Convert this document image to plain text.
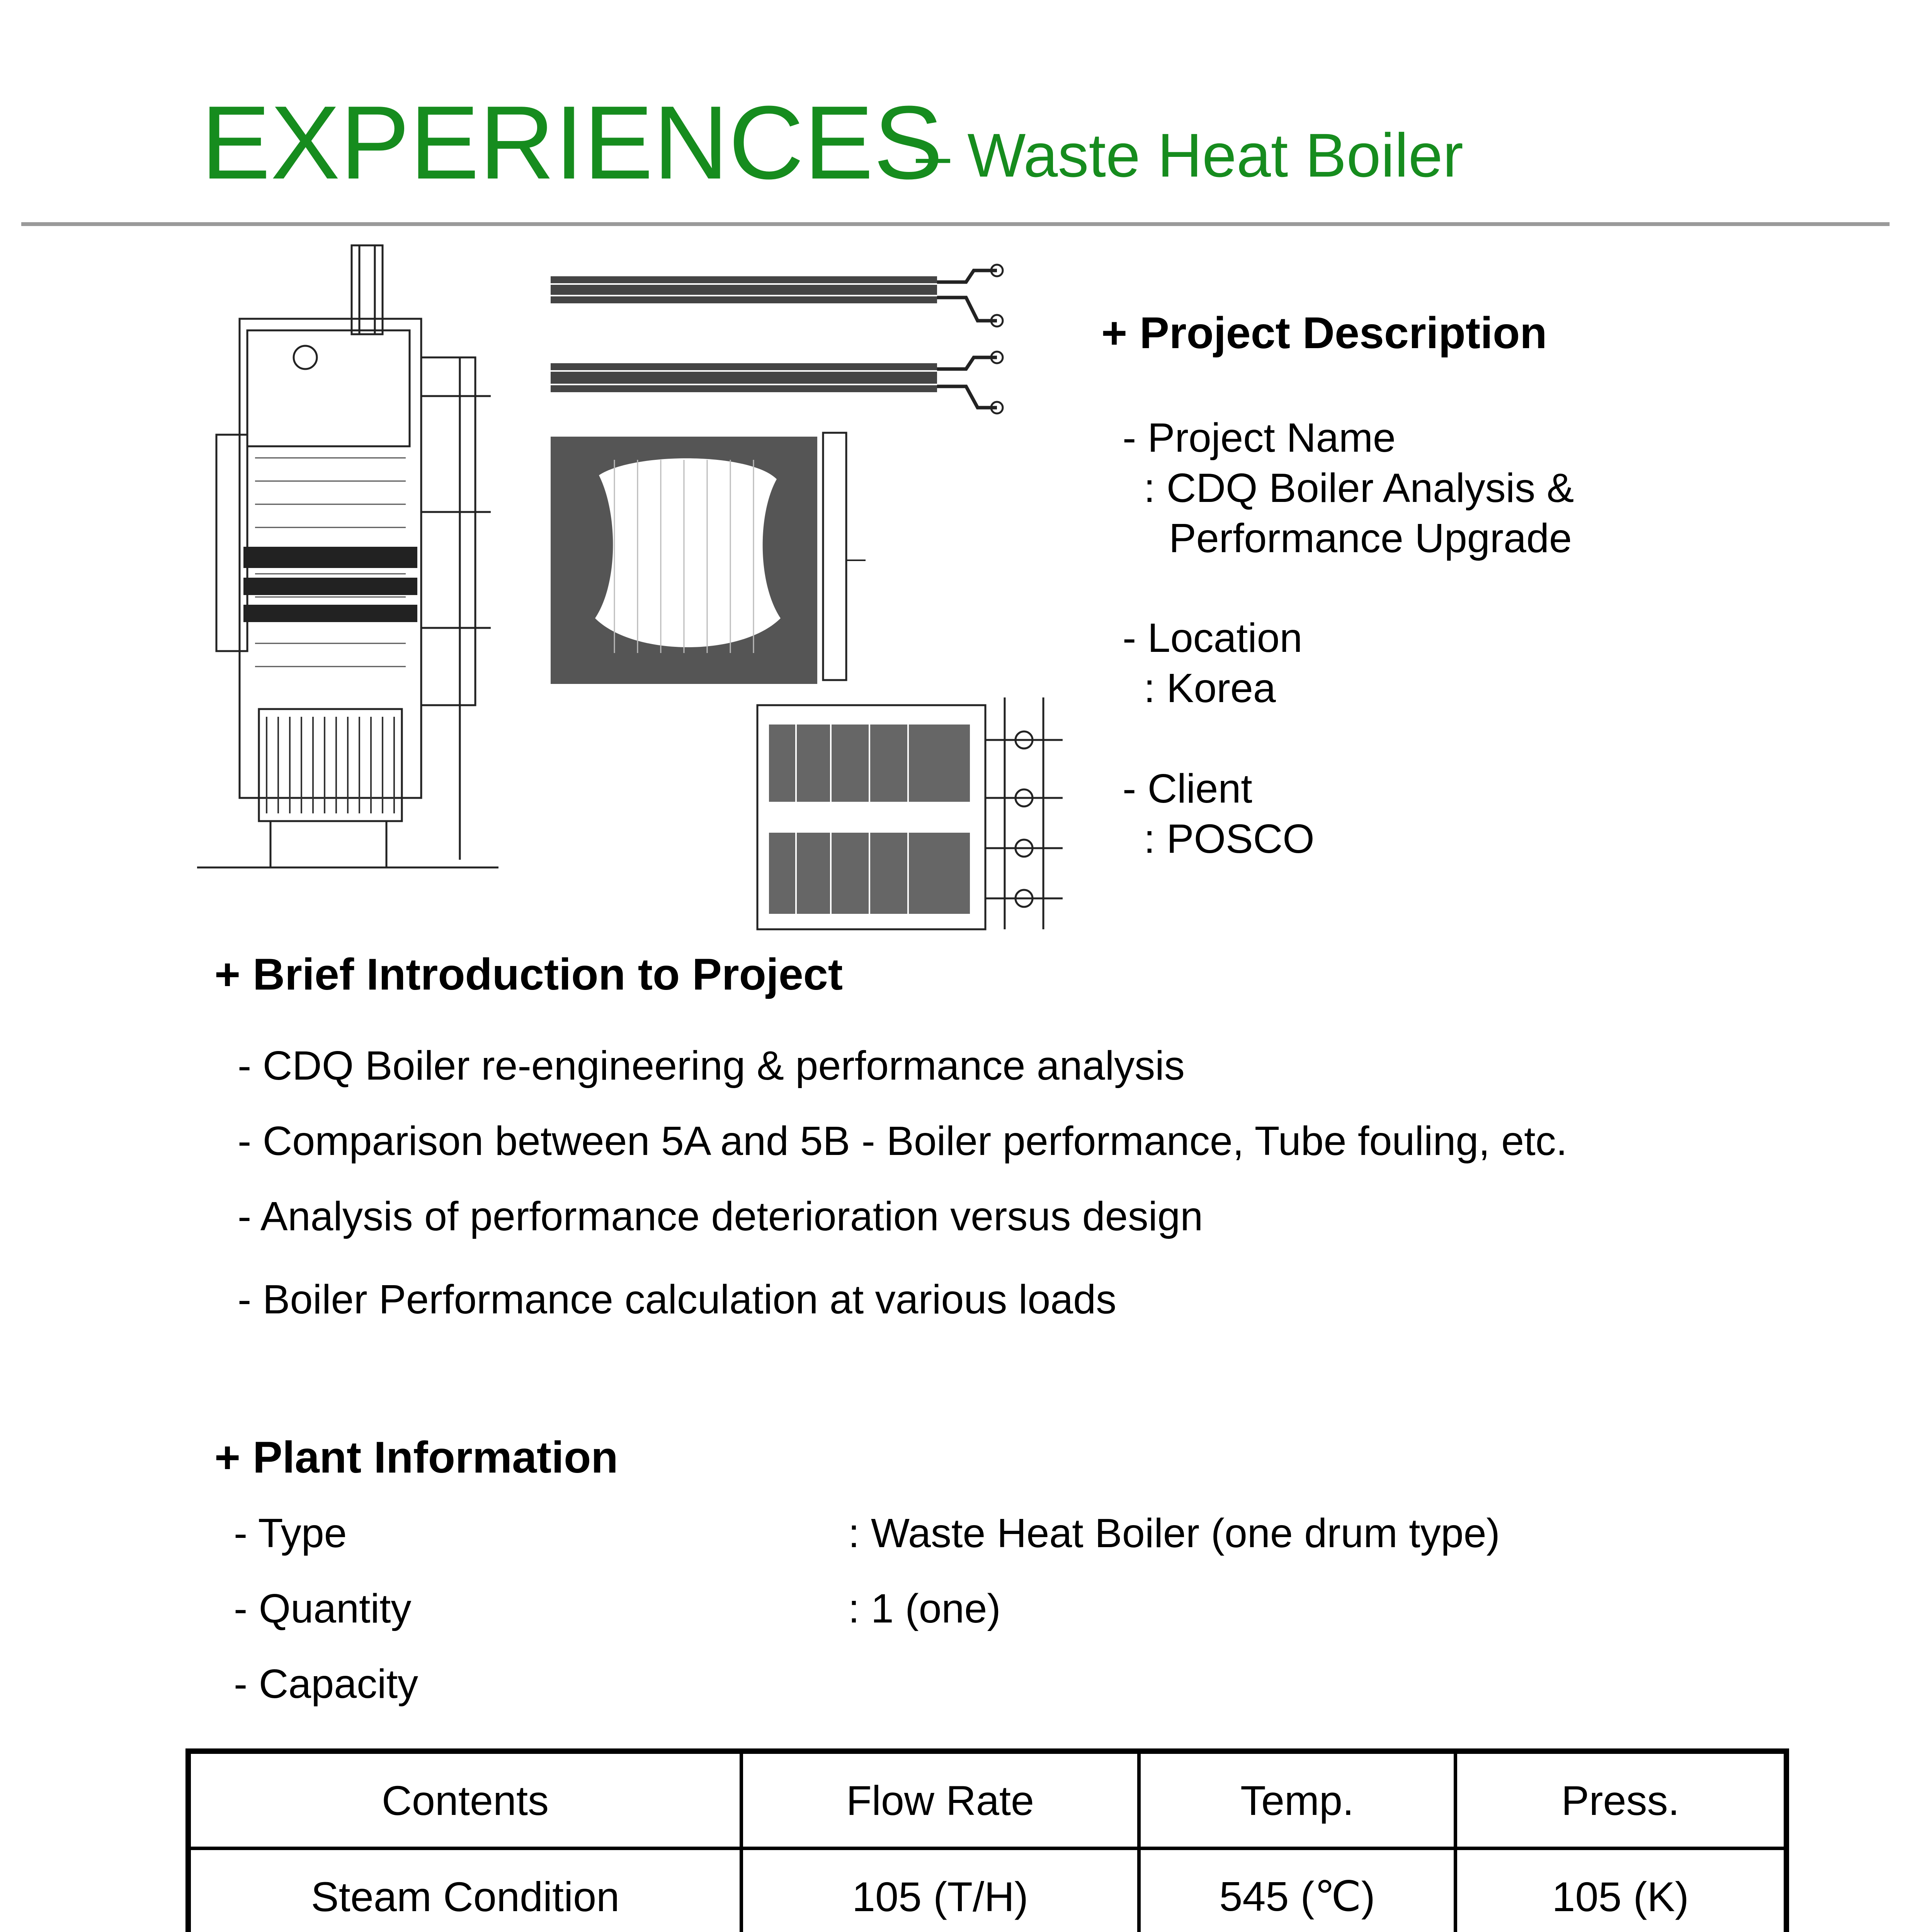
EXPERIENCES
– Waste Heat Boiler
+ Project Description
- Project Name
: CDQ Boiler Analysis &
Performance Upgrade
- Location
: Korea
- Client
: POSCO
+ Brief Introduction to Project
- CDQ Boiler re-engineering & performance analysis
- Comparison between 5A and 5B - Boiler performance, Tube fouling, etc.
- Analysis of performance deterioration versus design
- Boiler Performance calculation at various loads
+ Plant Information
- Type	: Waste Heat Boiler (one drum type)
- Quantity	: 1 (one)
- Capacity
Contents	Flow Rate	Temp.	Press.
Steam Condition	105 (T/H)	545 (℃)	105 (K)
